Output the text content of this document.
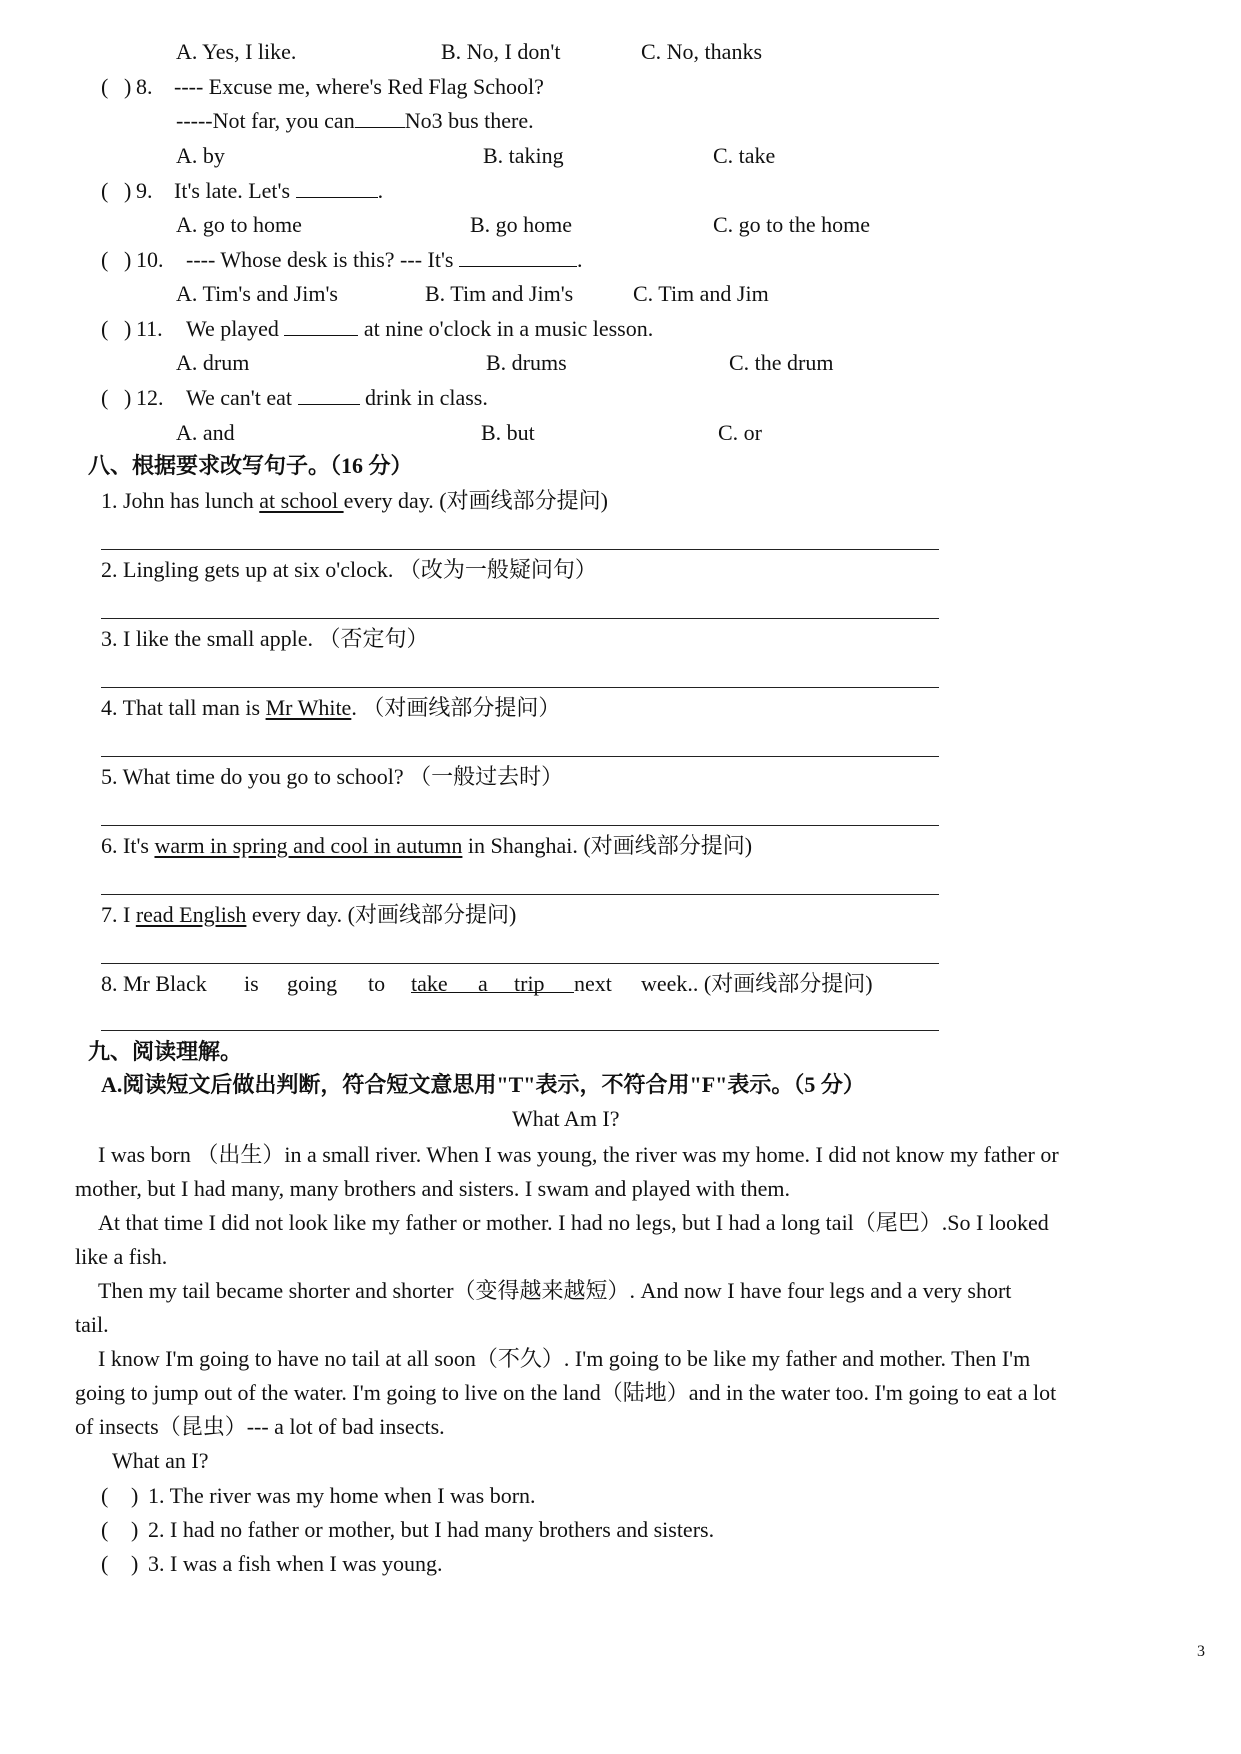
A. Yes, I like.	B. No, I don't	C. No, thanks
( ) 8. ---- Excuse me, where's Red Flag School?
-----Not far, you can No3 bus there.
A. by	B. taking	C. take
( ) 9. It's late. Let's	.
A. go to home	B. go home	C. go to the home
( ) 10. ---- Whose desk is this? --- It's	.
A. Tim's and Jim's	B. Tim and Jim's	C. Tim and Jim
( ) 11. We played	at nine o'clock in a music lesson.
A. drum	B. drums	C. the drum
( ) 12. We can't eat	drink in class.
A. and	B. but	C. or
八、根据要求改写句子。（16 分）
1. John has lunch at school every day. (对画线部分提问)
2. Lingling gets up at six o'clock. （改为一般疑问句）
3. I like the small apple. （否定句）
4. That tall man is Mr White. （对画线部分提问）
5. What time do you go to school? （一般过去时）
6. It's warm in spring and cool in autumn in Shanghai. (对画线部分提问)
7. I read English every day. (对画线部分提问)
8. Mr Black is going to take a trip next week.. (对画线部分提问)
九、阅读理解。
A.阅读短文后做出判断，符合短文意思用"T"表示，不符合用"F"表示。（5 分）
What Am I?
I was born （出生）in a small river. When I was young, the river was my home. I did not know my father or
mother, but I had many, many brothers and sisters. I swam and played with them.
At that time I did not look like my father or mother. I had no legs, but I had a long tail（尾巴）.So I looked
like a fish.
Then my tail became shorter and shorter（变得越来越短）. And now I have four legs and a very short
tail.
I know I'm going to have no tail at all soon（不久）. I'm going to be like my father and mother. Then I'm
going to jump out of the water. I'm going to live on the land（陆地）and in the water too. I'm going to eat a lot
of insects（昆虫）--- a lot of bad insects.
What an I?
( ) 1. The river was my home when I was born.
( ) 2. I had no father or mother, but I had many brothers and sisters.
( ) 3. I was a fish when I was young.
3
